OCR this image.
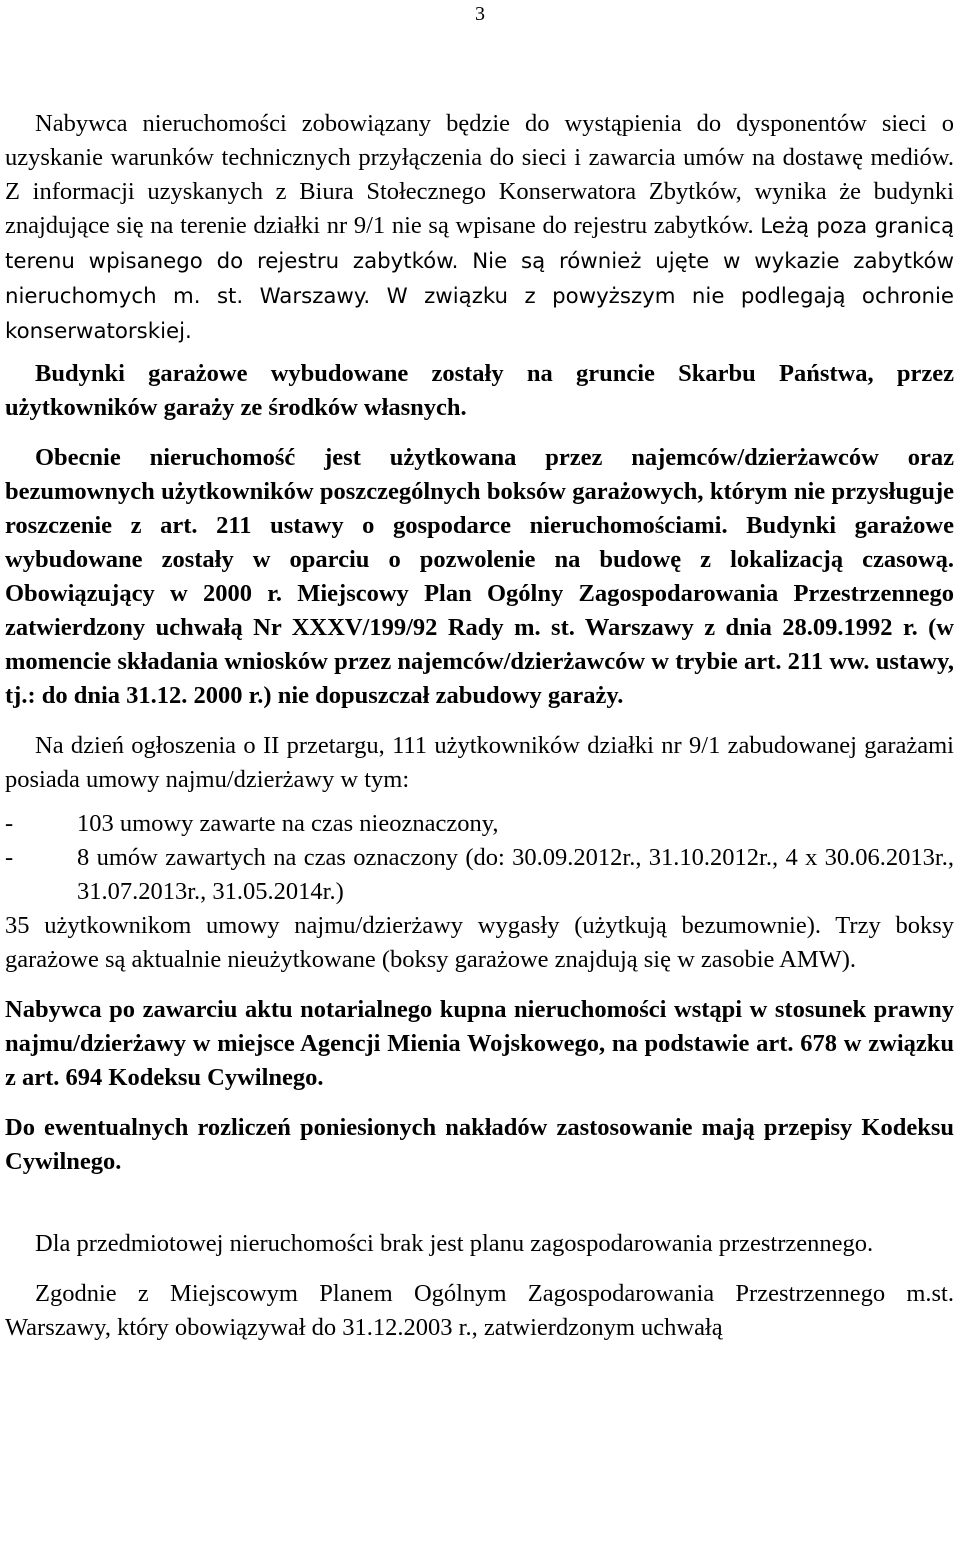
3

Nabywca nieruchomości zobowiązany będzie do wystąpienia do dysponentów sieci o uzyskanie warunków technicznych przyłączenia do sieci i zawarcia umów na dostawę mediów. Z informacji uzyskanych z Biura Stołecznego Konserwatora Zbytków, wynika że budynki znajdujące się na terenie działki nr 9/1 nie są wpisane do rejestru zabytków. Leżą poza granicą terenu wpisanego do rejestru zabytków. Nie są również ujęte w wykazie zabytków nieruchomych m. st. Warszawy. W związku z powyższym nie podlegają ochronie konserwatorskiej.

Budynki garażowe wybudowane zostały na gruncie Skarbu Państwa, przez użytkowników garaży ze środków własnych.

Obecnie nieruchomość jest użytkowana przez najemców/dzierżawców oraz bezumownych użytkowników poszczególnych boksów garażowych, którym nie przysługuje roszczenie z art. 211 ustawy o gospodarce nieruchomościami. Budynki garażowe wybudowane zostały w oparciu o pozwolenie na budowę z lokalizacją czasową. Obowiązujący w 2000 r. Miejscowy Plan Ogólny Zagospodarowania Przestrzennego zatwierdzony uchwałą Nr XXXV/199/92 Rady m. st. Warszawy z dnia 28.09.1992 r. (w momencie składania wniosków przez najemców/dzierżawców w trybie art. 211 ww. ustawy, tj.: do dnia 31.12. 2000 r.) nie dopuszczał zabudowy garaży.

Na dzień ogłoszenia o II przetargu, 111 użytkowników działki nr 9/1 zabudowanej garażami posiada umowy najmu/dzierżawy w tym:

- 103 umowy zawarte na czas nieoznaczony,
- 8 umów zawartych na czas oznaczony (do: 30.09.2012r., 31.10.2012r., 4 x 30.06.2013r., 31.07.2013r., 31.05.2014r.)

35 użytkownikom umowy najmu/dzierżawy wygasły (użytkują bezumownie). Trzy boksy garażowe są aktualnie nieużytkowane (boksy garażowe znajdują się w zasobie AMW).

Nabywca po zawarciu aktu notarialnego kupna nieruchomości wstąpi w stosunek prawny najmu/dzierżawy w miejsce Agencji Mienia Wojskowego, na podstawie art. 678 w związku z art. 694 Kodeksu Cywilnego.

Do ewentualnych rozliczeń poniesionych nakładów zastosowanie mają przepisy Kodeksu Cywilnego.

Dla przedmiotowej nieruchomości brak jest planu zagospodarowania przestrzennego.

Zgodnie z Miejscowym Planem Ogólnym Zagospodarowania Przestrzennego m.st. Warszawy, który obowiązywał do 31.12.2003 r., zatwierdzonym uchwałą
